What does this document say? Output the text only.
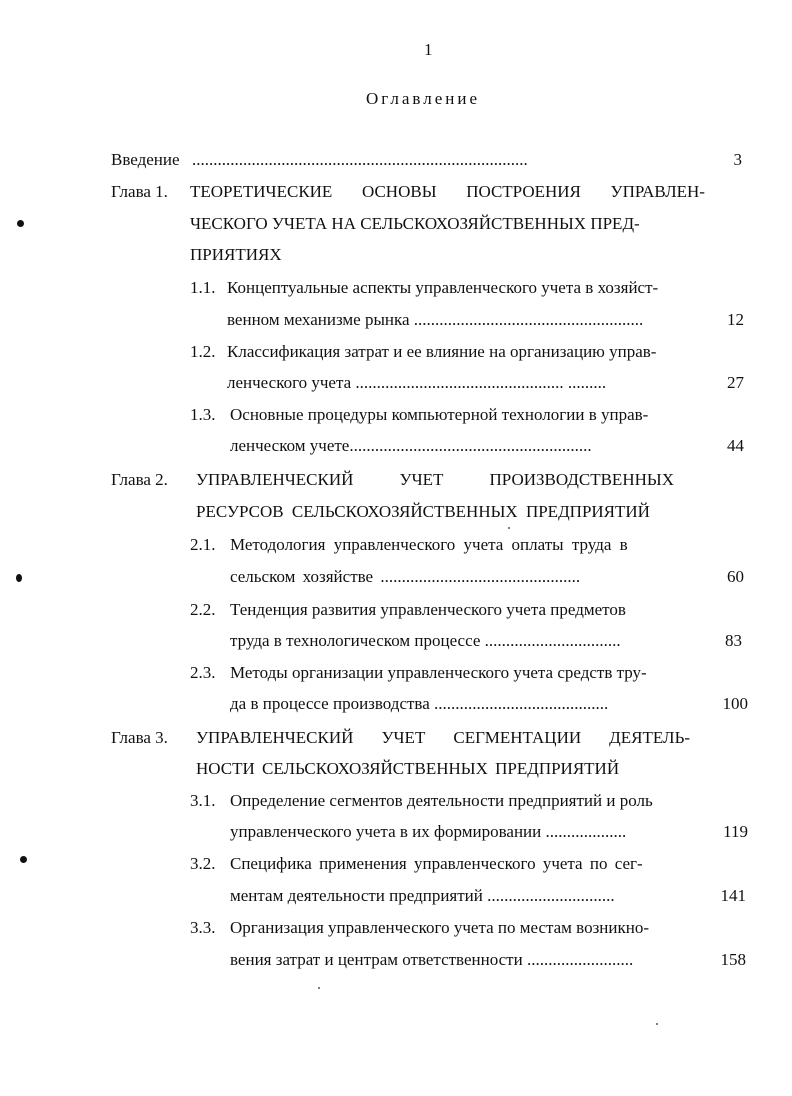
1
Оглавление
Введение ...............................................................................	3
Глава 1. ТЕОРЕТИЧЕСКИЕ ОСНОВЫ ПОСТРОЕНИЯ УПРАВЛЕН-
ЧЕСКОГО УЧЕТА НА СЕЛЬСКОХОЗЯЙСТВЕННЫХ ПРЕД-
ПРИЯТИЯХ
1.1. Концептуальные аспекты управленческого учета в хозяйст-
венном механизме рынка ......................................................	12
1.2. Классификация затрат и ее влияние на организацию управ-
ленческого учета ................................................. .........	27
1.3. Основные процедуры компьютерной технологии в управ-
ленческом учете.........................................................	44
Глава 2. УПРАВЛЕНЧЕСКИЙ	УЧЕТ	ПРОИЗВОДСТВЕННЫХ
РЕСУРСОВ СЕЛЬСКОХОЗЯЙСТВЕННЫХ ПРЕДПРИЯТИЙ
2.1. Методология управленческого учета оплаты труда в
сельском хозяйстве ...............................................	60
2.2. Тенденция развития управленческого учета предметов
труда в технологическом процессе ................................	83
2.3. Методы организации управленческого учета средств тру-
да в процессе производства .........................................	100
Глава 3. УПРАВЛЕНЧЕСКИЙ УЧЕТ СЕГМЕНТАЦИИ ДЕЯТЕЛЬ-
НОСТИ СЕЛЬСКОХОЗЯЙСТВЕННЫХ ПРЕДПРИЯТИЙ
3.1. Определение сегментов деятельности предприятий и роль
управленческого учета в их формировании ...................	119
3.2. Специфика применения управленческого учета по сег-
ментам деятельности предприятий ..............................	141
3.3. Организация управленческого учета по местам возникно-
вения затрат и центрам ответственности .........................	158
